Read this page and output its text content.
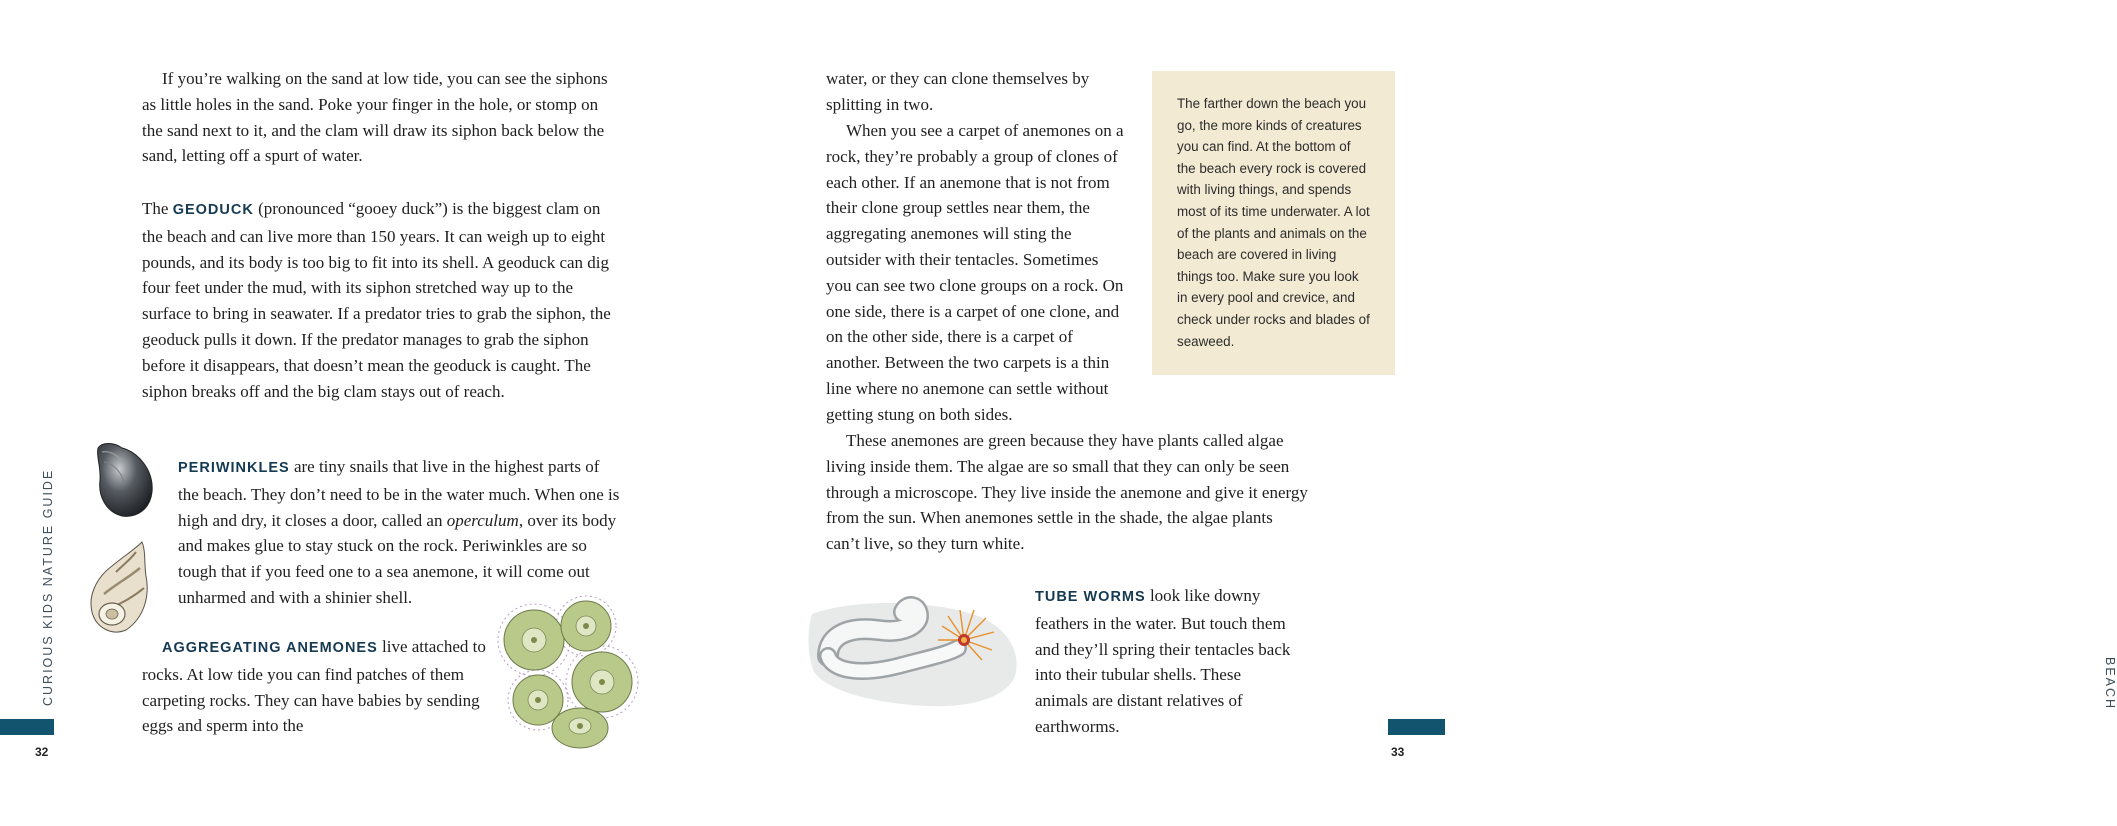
If you’re walking on the sand at low tide, you can see the siphons as little holes in the sand. Poke your finger in the hole, or stomp on the sand next to it, and the clam will draw its siphon back below the sand, letting off a spurt of water.

The GEODUCK (pronounced “gooey duck”) is the biggest clam on the beach and can live more than 150 years. It can weigh up to eight pounds, and its body is too big to fit into its shell. A geoduck can dig four feet under the mud, with its siphon stretched way up to the surface to bring in seawater. If a predator tries to grab the siphon, the geoduck pulls it down. If the predator manages to grab the siphon before it disappears, that doesn’t mean the geoduck is caught. The siphon breaks off and the big clam stays out of reach.

PERIWINKLES are tiny snails that live in the highest parts of the beach. They don’t need to be in the water much. When one is high and dry, it closes a door, called an operculum, over its body and makes glue to stay stuck on the rock. Periwinkles are so tough that if you feed one to a sea anemone, it will come out unharmed and with a shinier shell.

AGGREGATING ANEMONES live attached to rocks. At low tide you can find patches of them carpeting rocks. They can have babies by sending eggs and sperm into the

CURIOUS KIDS NATURE GUIDE
32

water, or they can clone themselves by splitting in two.

When you see a carpet of anemones on a rock, they’re probably a group of clones of each other. If an anemone that is not from their clone group settles near them, the aggregating anemones will sting the outsider with their tentacles. Sometimes you can see two clone groups on a rock. On one side, there is a carpet of one clone, and on the other side, there is a carpet of another. Between the two carpets is a thin line where no anemone can settle without getting stung on both sides.

The farther down the beach you go, the more kinds of creatures you can find. At the bottom of the beach every rock is covered with living things, and spends most of its time underwater. A lot of the plants and animals on the beach are covered in living things too. Make sure you look in every pool and crevice, and check under rocks and blades of seaweed.

These anemones are green because they have plants called algae living inside them. The algae are so small that they can only be seen through a microscope. They live inside the anemone and give it energy from the sun. When anemones settle in the shade, the algae plants can’t live, so they turn white.

TUBE WORMS look like downy feathers in the water. But touch them and they’ll spring their tentacles back into their tubular shells. These animals are distant relatives of earthworms.

BEACH
33
